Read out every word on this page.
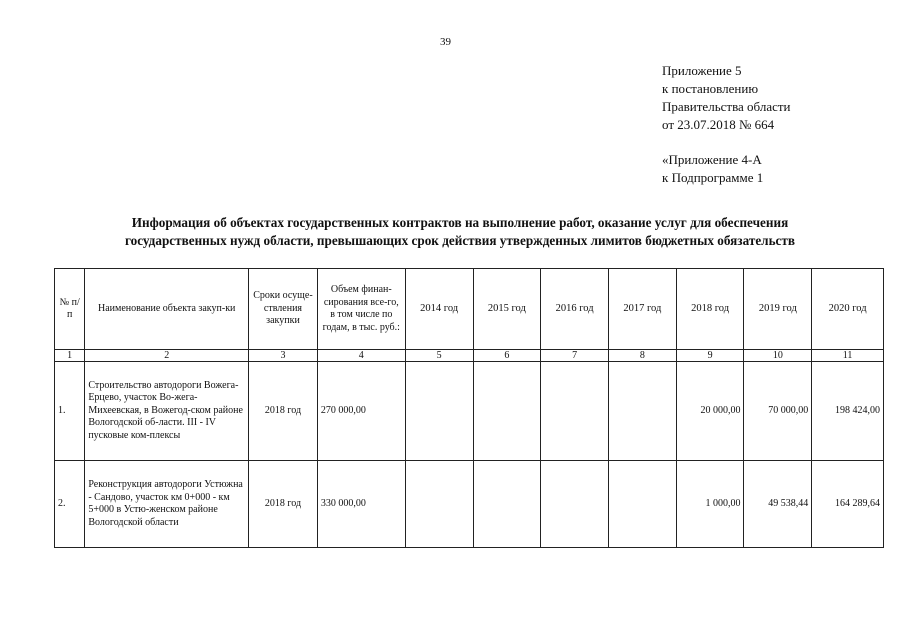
39
Приложение 5
к постановлению
Правительства области
от 23.07.2018 № 664
«Приложение 4-А
к Подпрограмме 1
Информация об объектах государственных контрактов на выполнение работ, оказание услуг для обеспечения
государственных нужд области, превышающих срок действия утвержденных лимитов бюджетных обязательств
№ п/п	Наименование объекта закуп-ки	Сроки осуще-ствления закупки	Объем финан-сирования все-го, в том числе по годам, в тыс. руб.:	2014 год	2015 год	2016 год	2017 год	2018 год	2019 год	2020 год
1	2	3	4	5	6	7	8	9	10	11
1.	Строительство автодороги Вожега-Ерцево, участок Во-жега-Михеевская, в Вожегод-ском районе Вологодской об-ласти. III - IV пусковые ком-плексы	2018 год	270 000,00					20 000,00	70 000,00	198 424,00
2.	Реконструкция автодороги Устюжна - Сандово, участок км 0+000 - км 5+000 в Устю-женском районе Вологодской области	2018 год	330 000,00					1 000,00	49 538,44	164 289,64
